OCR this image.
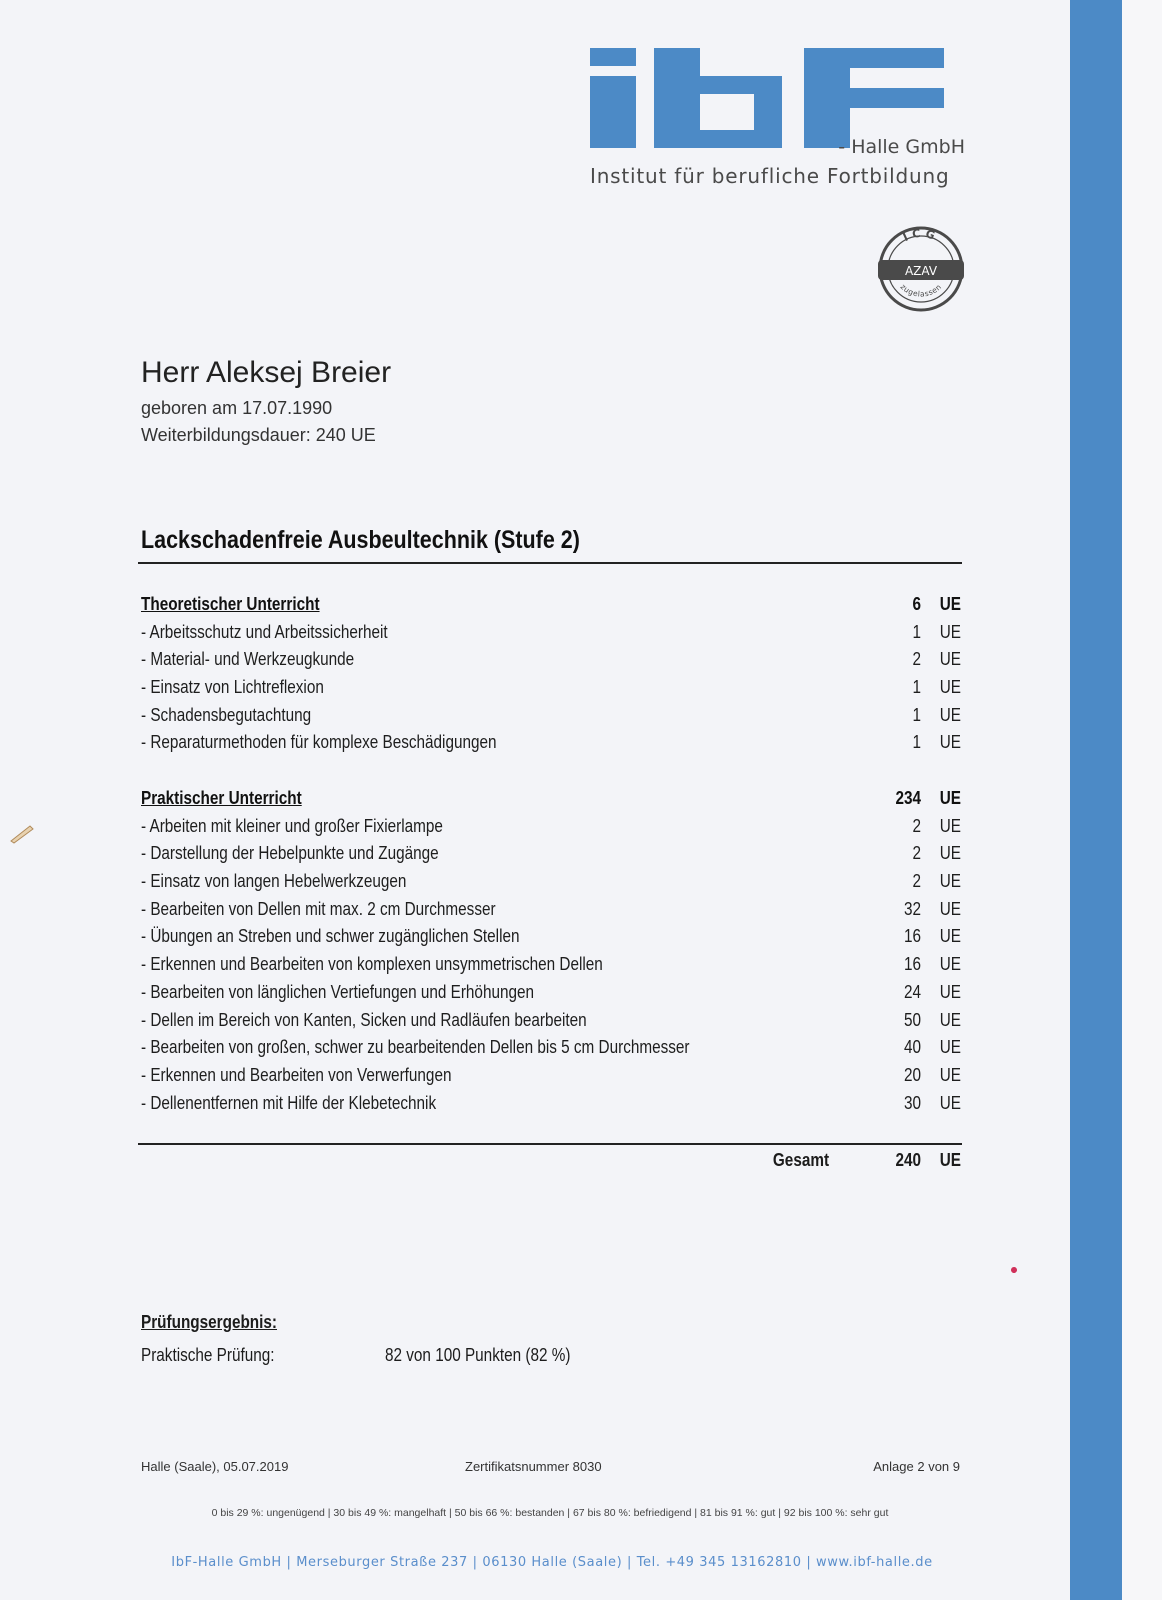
- Halle GmbH
Institut für berufliche Fortbildung
ICG
AZAV
zugelassen
Herr Aleksej Breier
geboren am 17.07.1990
Weiterbildungsdauer: 240 UE
Lackschadenfreie Ausbeultechnik (Stufe 2)
Theoretischer Unterricht	6 UE
- Arbeitsschutz und Arbeitssicherheit	1 UE
- Material- und Werkzeugkunde	2 UE
- Einsatz von Lichtreflexion	1 UE
- Schadensbegutachtung	1 UE
- Reparaturmethoden für komplexe Beschädigungen	1 UE
Praktischer Unterricht	234 UE
- Arbeiten mit kleiner und großer Fixierlampe	2 UE
- Darstellung der Hebelpunkte und Zugänge	2 UE
- Einsatz von langen Hebelwerkzeugen	2 UE
- Bearbeiten von Dellen mit max. 2 cm Durchmesser	32 UE
- Übungen an Streben und schwer zugänglichen Stellen	16 UE
- Erkennen und Bearbeiten von komplexen unsymmetrischen Dellen	16 UE
- Bearbeiten von länglichen Vertiefungen und Erhöhungen	24 UE
- Dellen im Bereich von Kanten, Sicken und Radläufen bearbeiten	50 UE
- Bearbeiten von großen, schwer zu bearbeitenden Dellen bis 5 cm Durchmesser	40 UE
- Erkennen und Bearbeiten von Verwerfungen	20 UE
- Dellenentfernen mit Hilfe der Klebetechnik	30 UE
Gesamt	240 UE
Prüfungsergebnis:
Praktische Prüfung:	82 von 100 Punkten (82 %)
Halle (Saale), 05.07.2019	Zertifikatsnummer 8030	Anlage 2 von 9
0 bis 29 %: ungenügend | 30 bis 49 %: mangelhaft | 50 bis 66 %: bestanden | 67 bis 80 %: befriedigend | 81 bis 91 %: gut | 92 bis 100 %: sehr gut
IbF-Halle GmbH | Merseburger Straße 237 | 06130 Halle (Saale) | Tel. +49 345 13162810 | www.ibf-halle.de
